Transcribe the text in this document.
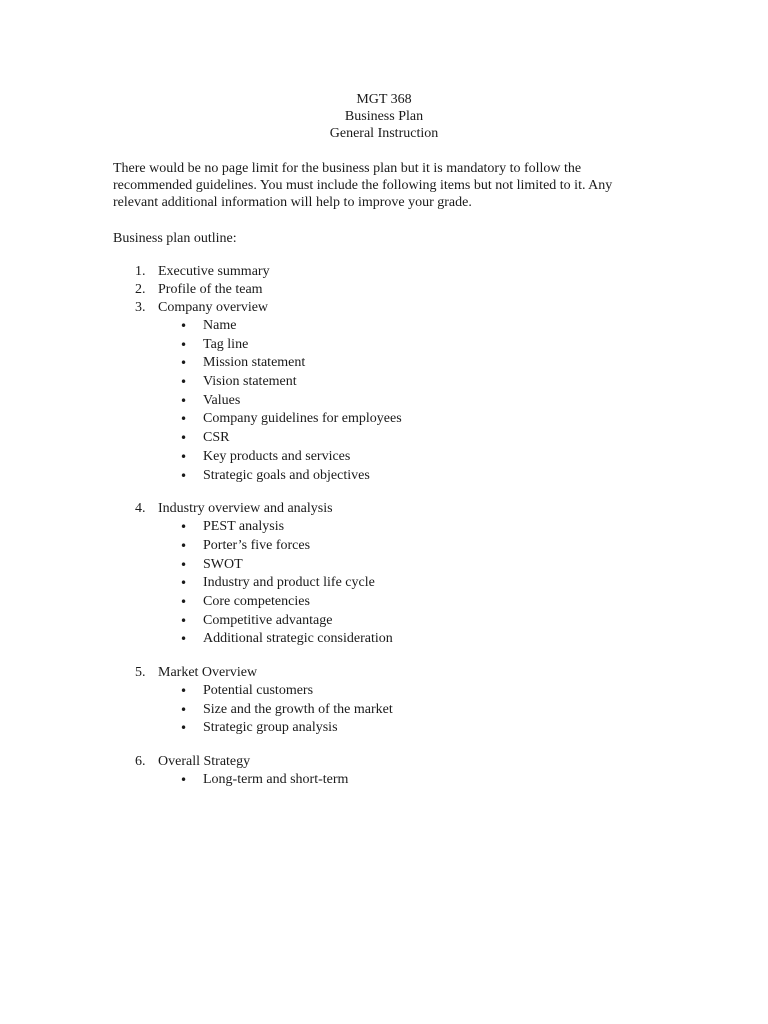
MGT 368

Business Plan

General Instruction

There would be no page limit for the business plan but it is mandatory to follow the

recommended guidelines. You must include the following items but not limited to it. Any

relevant additional information will help to improve your grade.

Business plan outline:

1. Executive summary
2. Profile of the team
3. Company overview
• Name
• Tag line
• Mission statement
• Vision statement
• Values
• Company guidelines for employees
• CSR
• Key products and services
• Strategic goals and objectives
4. Industry overview and analysis
• PEST analysis
• Porter’s five forces
• SWOT
• Industry and product life cycle
• Core competencies
• Competitive advantage
• Additional strategic consideration
5. Market Overview
• Potential customers
• Size and the growth of the market
• Strategic group analysis
6. Overall Strategy
• Long-term and short-term
